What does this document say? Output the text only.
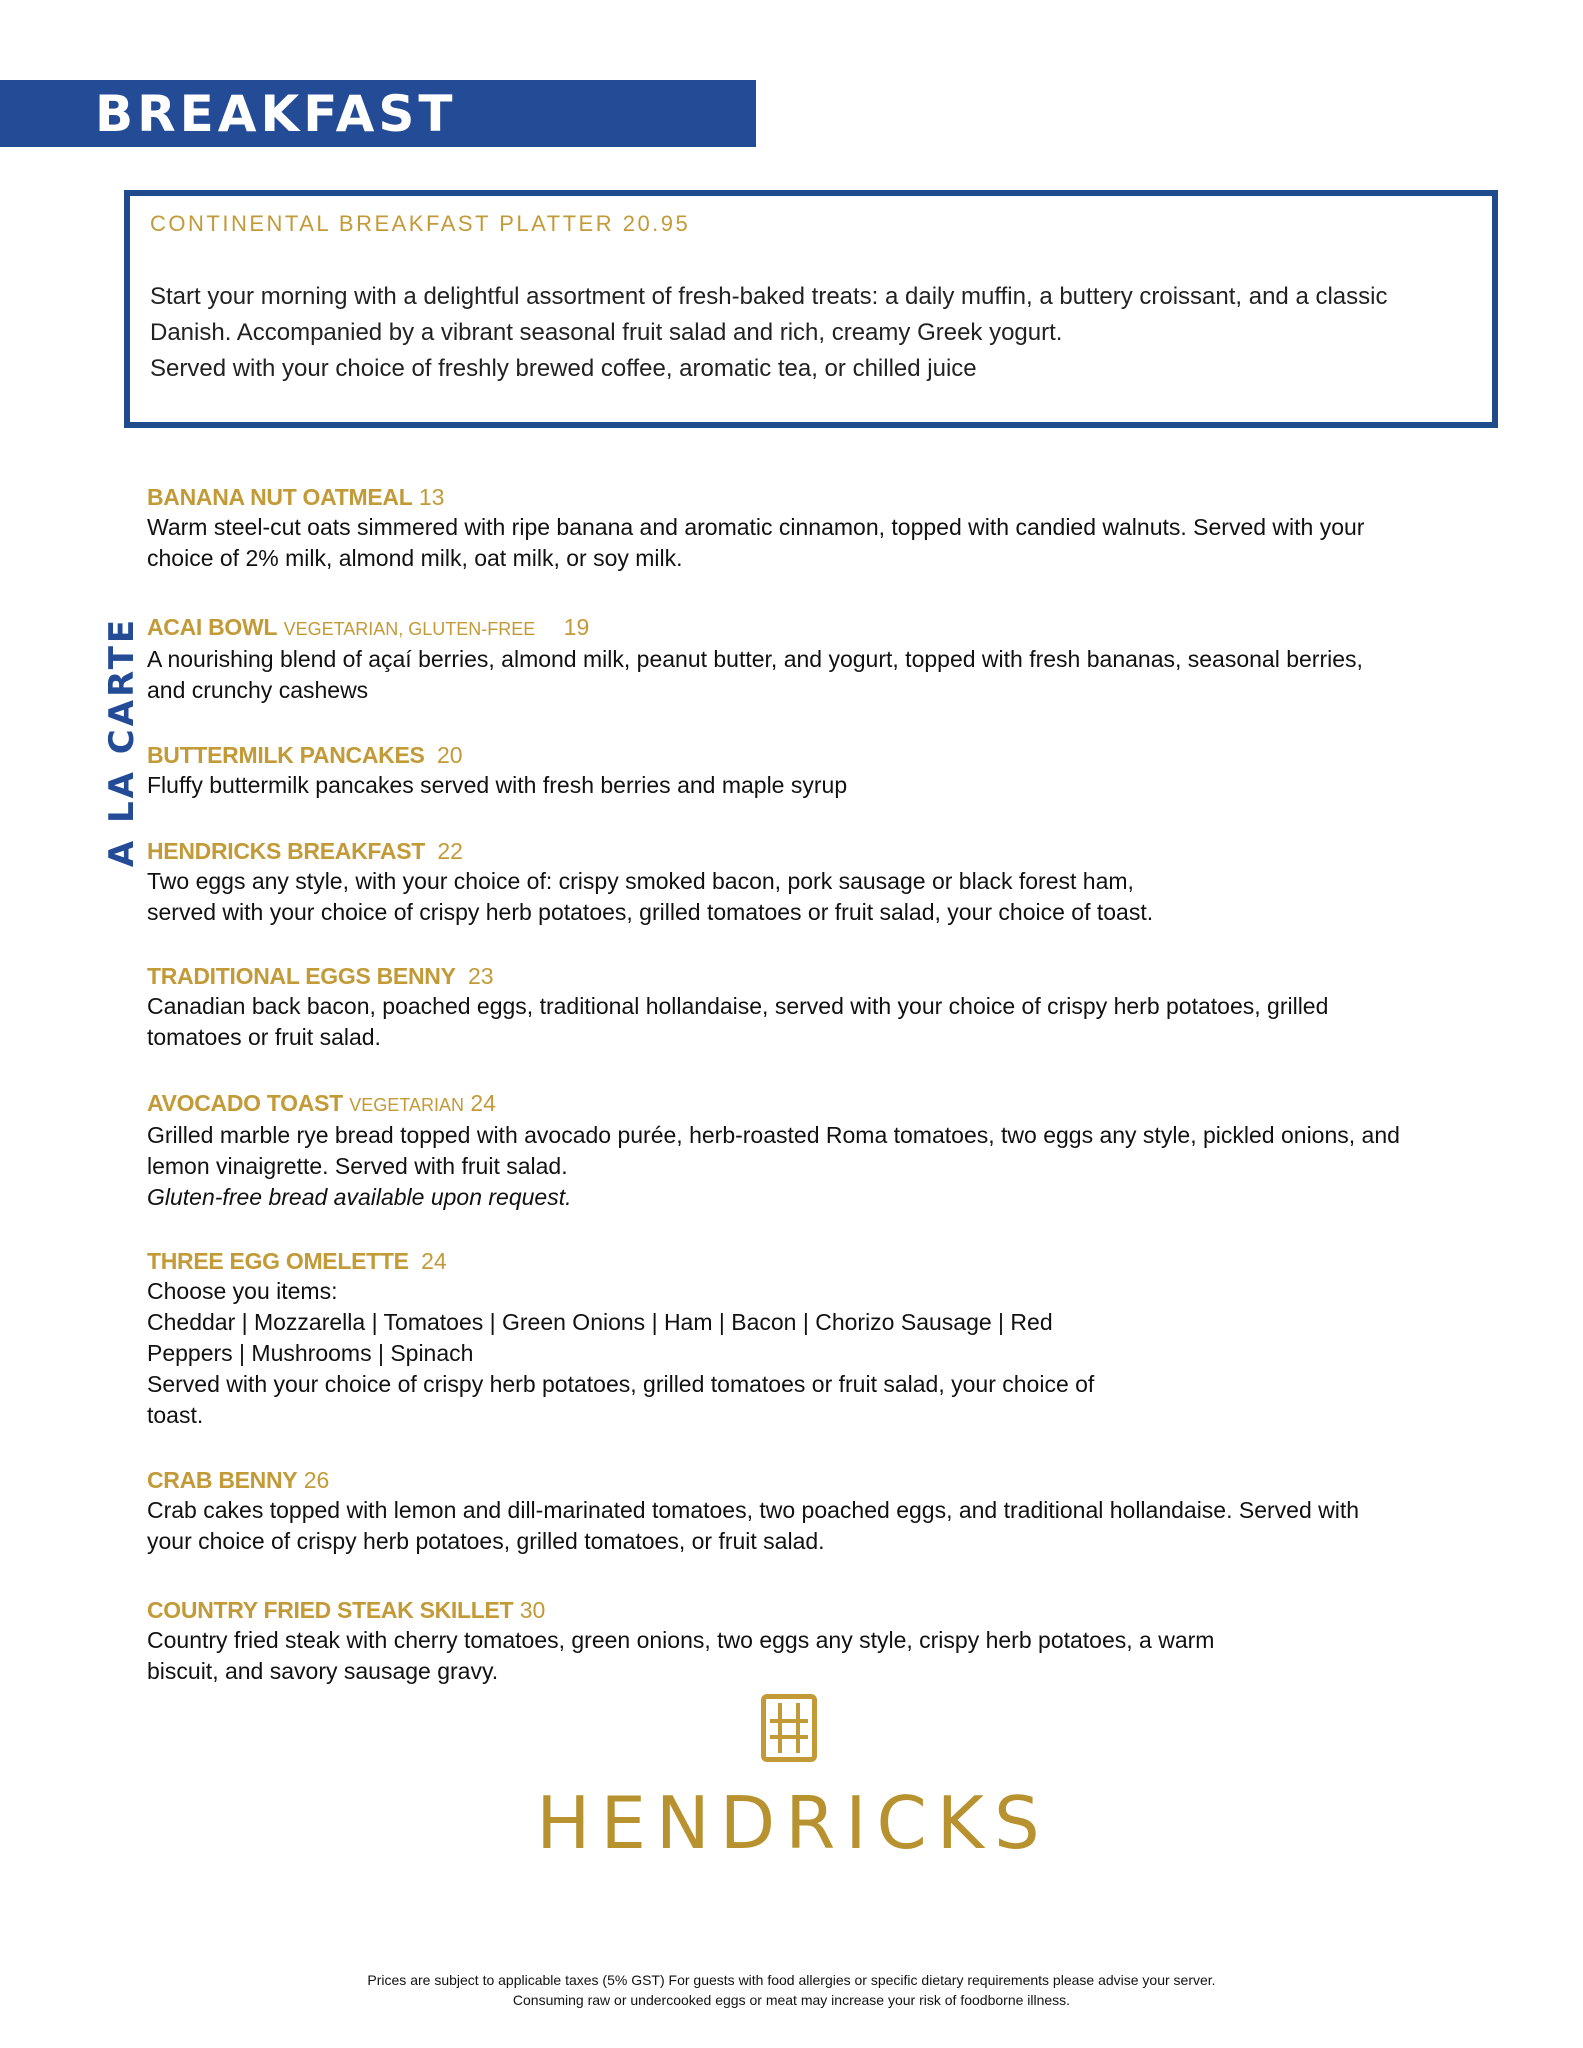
BREAKFAST
CONTINENTAL BREAKFAST PLATTER 20.95
Start your morning with a delightful assortment of fresh-baked treats: a daily muffin, a buttery croissant, and a classic
Danish. Accompanied by a vibrant seasonal fruit salad and rich, creamy Greek yogurt.
Served with your choice of freshly brewed coffee, aromatic tea, or chilled juice
A LA CARTE
BANANA NUT OATMEAL 13
Warm steel-cut oats simmered with ripe banana and aromatic cinnamon, topped with candied walnuts. Served with your
choice of 2% milk, almond milk, oat milk, or soy milk.
ACAI BOWL VEGETARIAN, GLUTEN-FREE 19
A nourishing blend of açaí berries, almond milk, peanut butter, and yogurt, topped with fresh bananas, seasonal berries,
and crunchy cashews
BUTTERMILK PANCAKES 20
Fluffy buttermilk pancakes served with fresh berries and maple syrup
HENDRICKS BREAKFAST 22
Two eggs any style, with your choice of: crispy smoked bacon, pork sausage or black forest ham,
served with your choice of crispy herb potatoes, grilled tomatoes or fruit salad, your choice of toast.
TRADITIONAL EGGS BENNY 23
Canadian back bacon, poached eggs, traditional hollandaise, served with your choice of crispy herb potatoes, grilled
tomatoes or fruit salad.
AVOCADO TOAST VEGETARIAN 24
Grilled marble rye bread topped with avocado purée, herb-roasted Roma tomatoes, two eggs any style, pickled onions, and
lemon vinaigrette. Served with fruit salad.
Gluten-free bread available upon request.
THREE EGG OMELETTE 24
Choose you items:
Cheddar | Mozzarella | Tomatoes | Green Onions | Ham | Bacon | Chorizo Sausage | Red
Peppers | Mushrooms | Spinach
Served with your choice of crispy herb potatoes, grilled tomatoes or fruit salad, your choice of
toast.
CRAB BENNY 26
Crab cakes topped with lemon and dill-marinated tomatoes, two poached eggs, and traditional hollandaise. Served with
your choice of crispy herb potatoes, grilled tomatoes, or fruit salad.
COUNTRY FRIED STEAK SKILLET 30
Country fried steak with cherry tomatoes, green onions, two eggs any style, crispy herb potatoes, a warm
biscuit, and savory sausage gravy.
HENDRICKS
Prices are subject to applicable taxes (5% GST) For guests with food allergies or specific dietary requirements please advise your server.
Consuming raw or undercooked eggs or meat may increase your risk of foodborne illness.
